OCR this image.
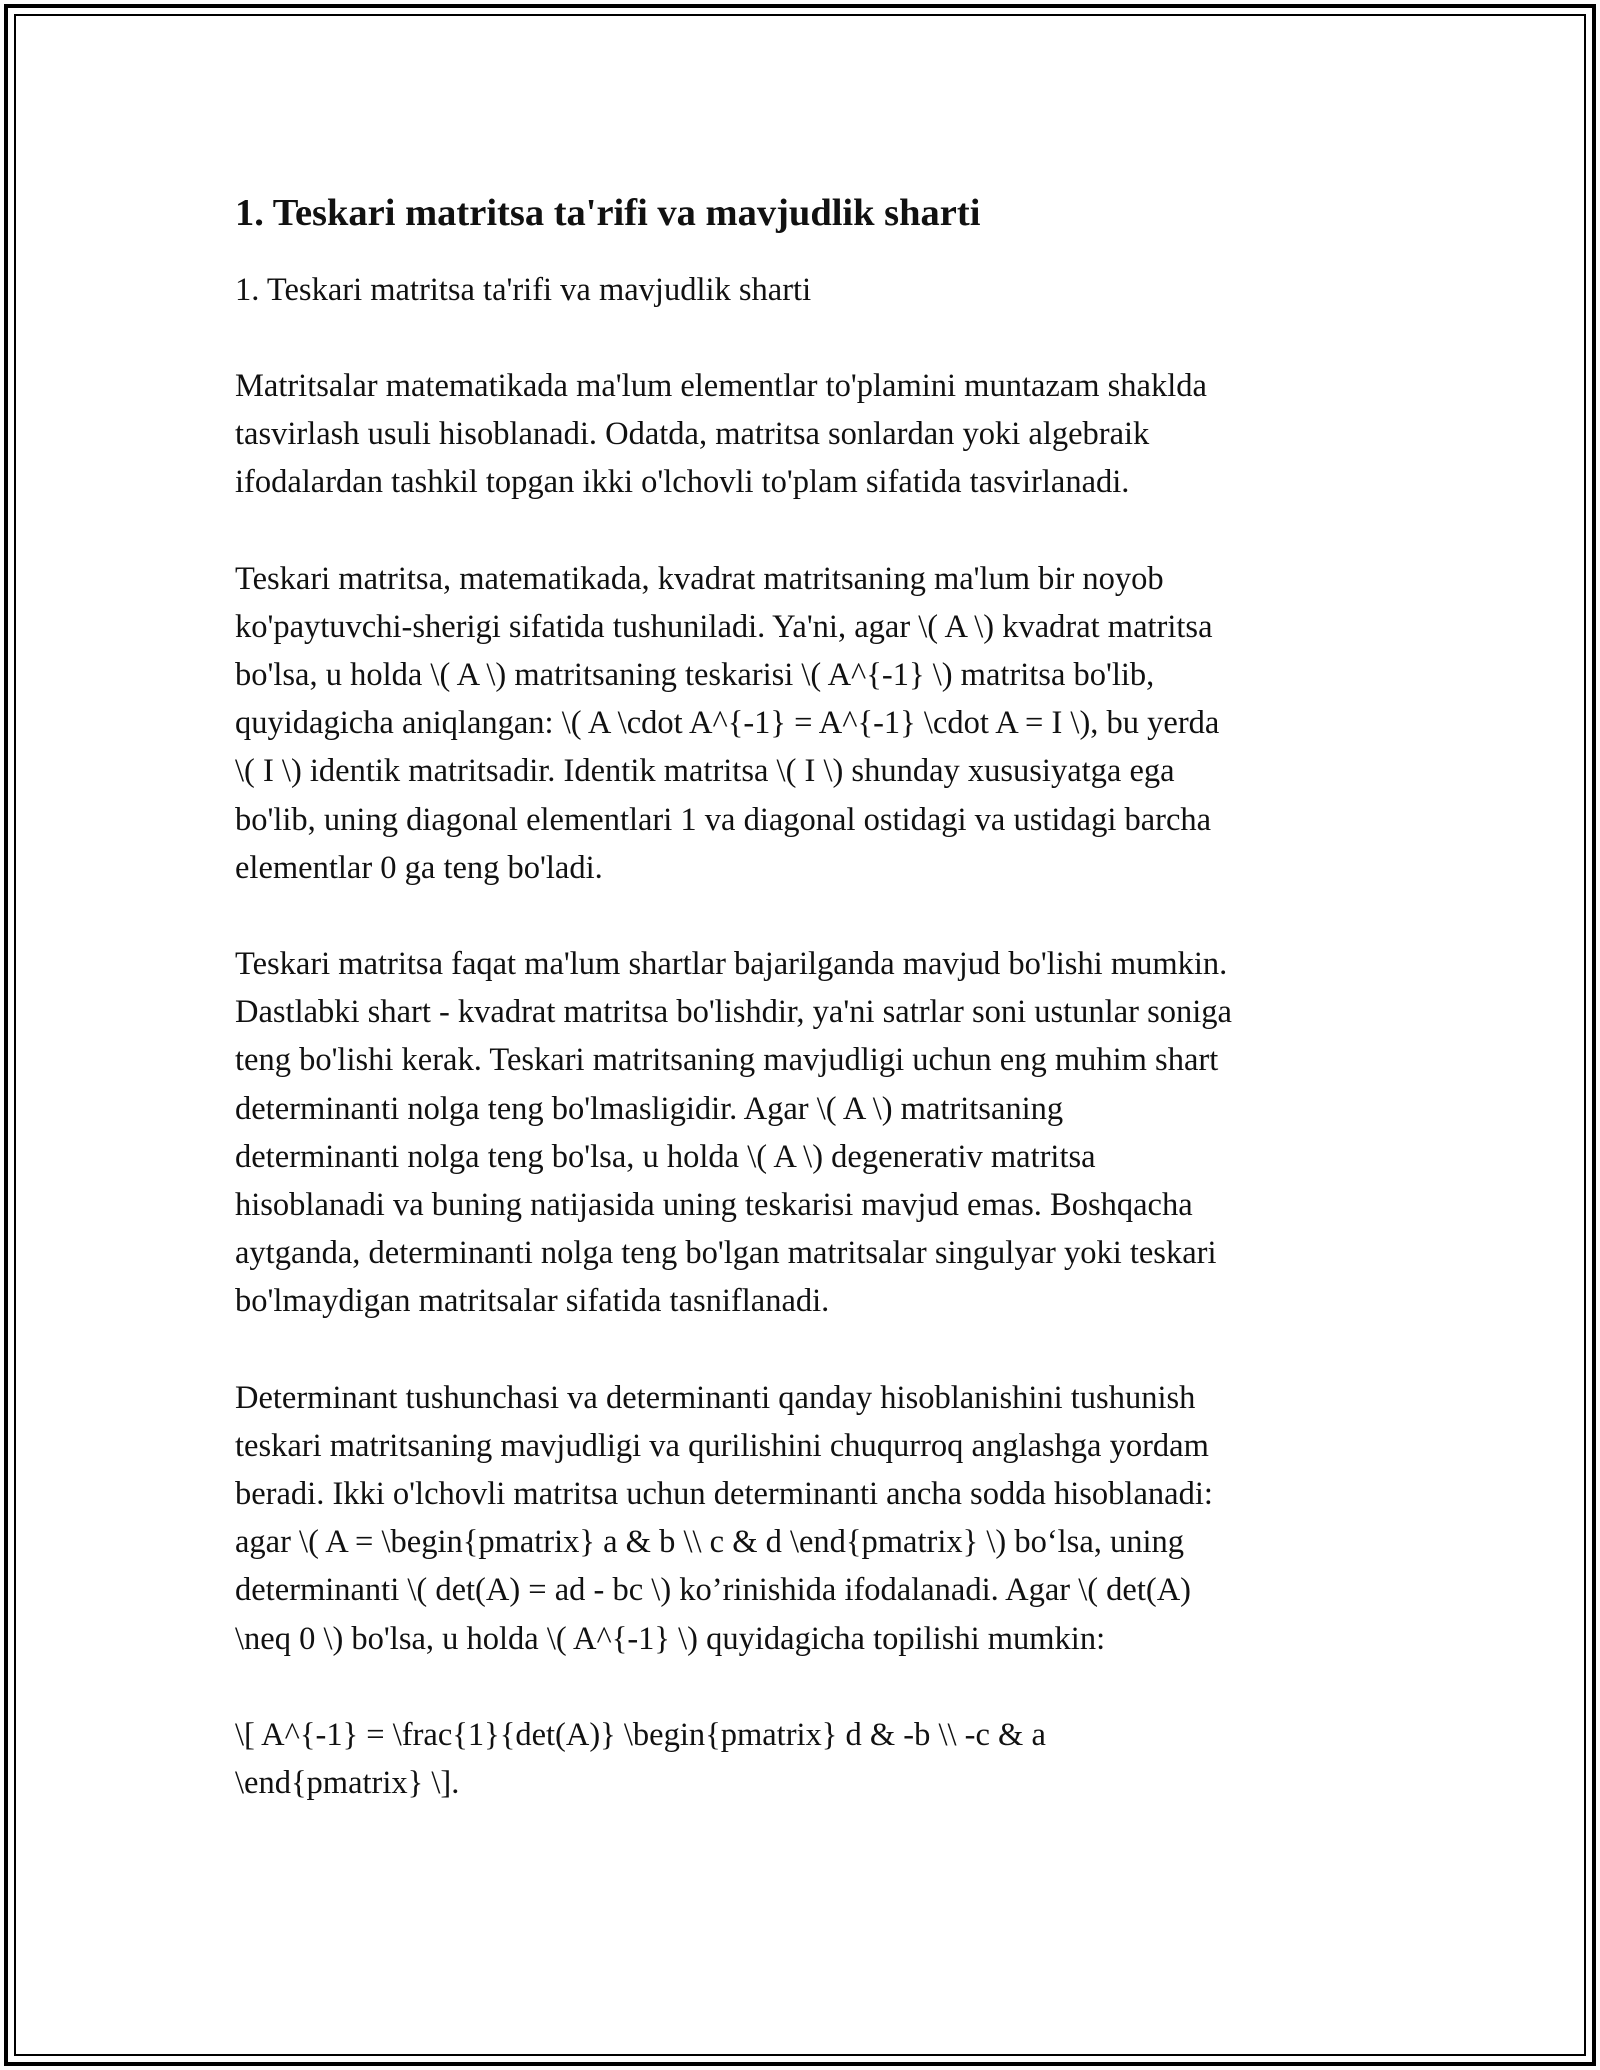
1. Teskari matritsa ta'rifi va mavjudlik sharti

1. Teskari matritsa ta'rifi va mavjudlik sharti

Matritsalar matematikada ma'lum elementlar to'plamini muntazam shaklda
tasvirlash usuli hisoblanadi. Odatda, matritsa sonlardan yoki algebraik
ifodalardan tashkil topgan ikki o'lchovli to'plam sifatida tasvirlanadi.

Teskari matritsa, matematikada, kvadrat matritsaning ma'lum bir noyob
ko'paytuvchi-sherigi sifatida tushuniladi. Ya'ni, agar \( A \) kvadrat matritsa
bo'lsa, u holda \( A \) matritsaning teskarisi \( A^{-1} \) matritsa bo'lib,
quyidagicha aniqlangan: \( A \cdot A^{-1} = A^{-1} \cdot A = I \), bu yerda
\( I \) identik matritsadir. Identik matritsa \( I \) shunday xususiyatga ega
bo'lib, uning diagonal elementlari 1 va diagonal ostidagi va ustidagi barcha
elementlar 0 ga teng bo'ladi.

Teskari matritsa faqat ma'lum shartlar bajarilganda mavjud bo'lishi mumkin.
Dastlabki shart - kvadrat matritsa bo'lishdir, ya'ni satrlar soni ustunlar soniga
teng bo'lishi kerak. Teskari matritsaning mavjudligi uchun eng muhim shart
determinanti nolga teng bo'lmasligidir. Agar \( A \) matritsaning
determinanti nolga teng bo'lsa, u holda \( A \) degenerativ matritsa
hisoblanadi va buning natijasida uning teskarisi mavjud emas. Boshqacha
aytganda, determinanti nolga teng bo'lgan matritsalar singulyar yoki teskari
bo'lmaydigan matritsalar sifatida tasniflanadi.

Determinant tushunchasi va determinanti qanday hisoblanishini tushunish
teskari matritsaning mavjudligi va qurilishini chuqurroq anglashga yordam
beradi. Ikki o'lchovli matritsa uchun determinanti ancha sodda hisoblanadi:
agar \( A = \begin{pmatrix} a & b \\ c & d \end{pmatrix} \) bo‘lsa, uning
determinanti \( det(A) = ad - bc \) ko’rinishida ifodalanadi. Agar \( det(A)
\neq 0 \) bo'lsa, u holda \( A^{-1} \) quyidagicha topilishi mumkin:

\[ A^{-1} = \frac{1}{det(A)} \begin{pmatrix} d & -b \\ -c & a
\end{pmatrix} \].
